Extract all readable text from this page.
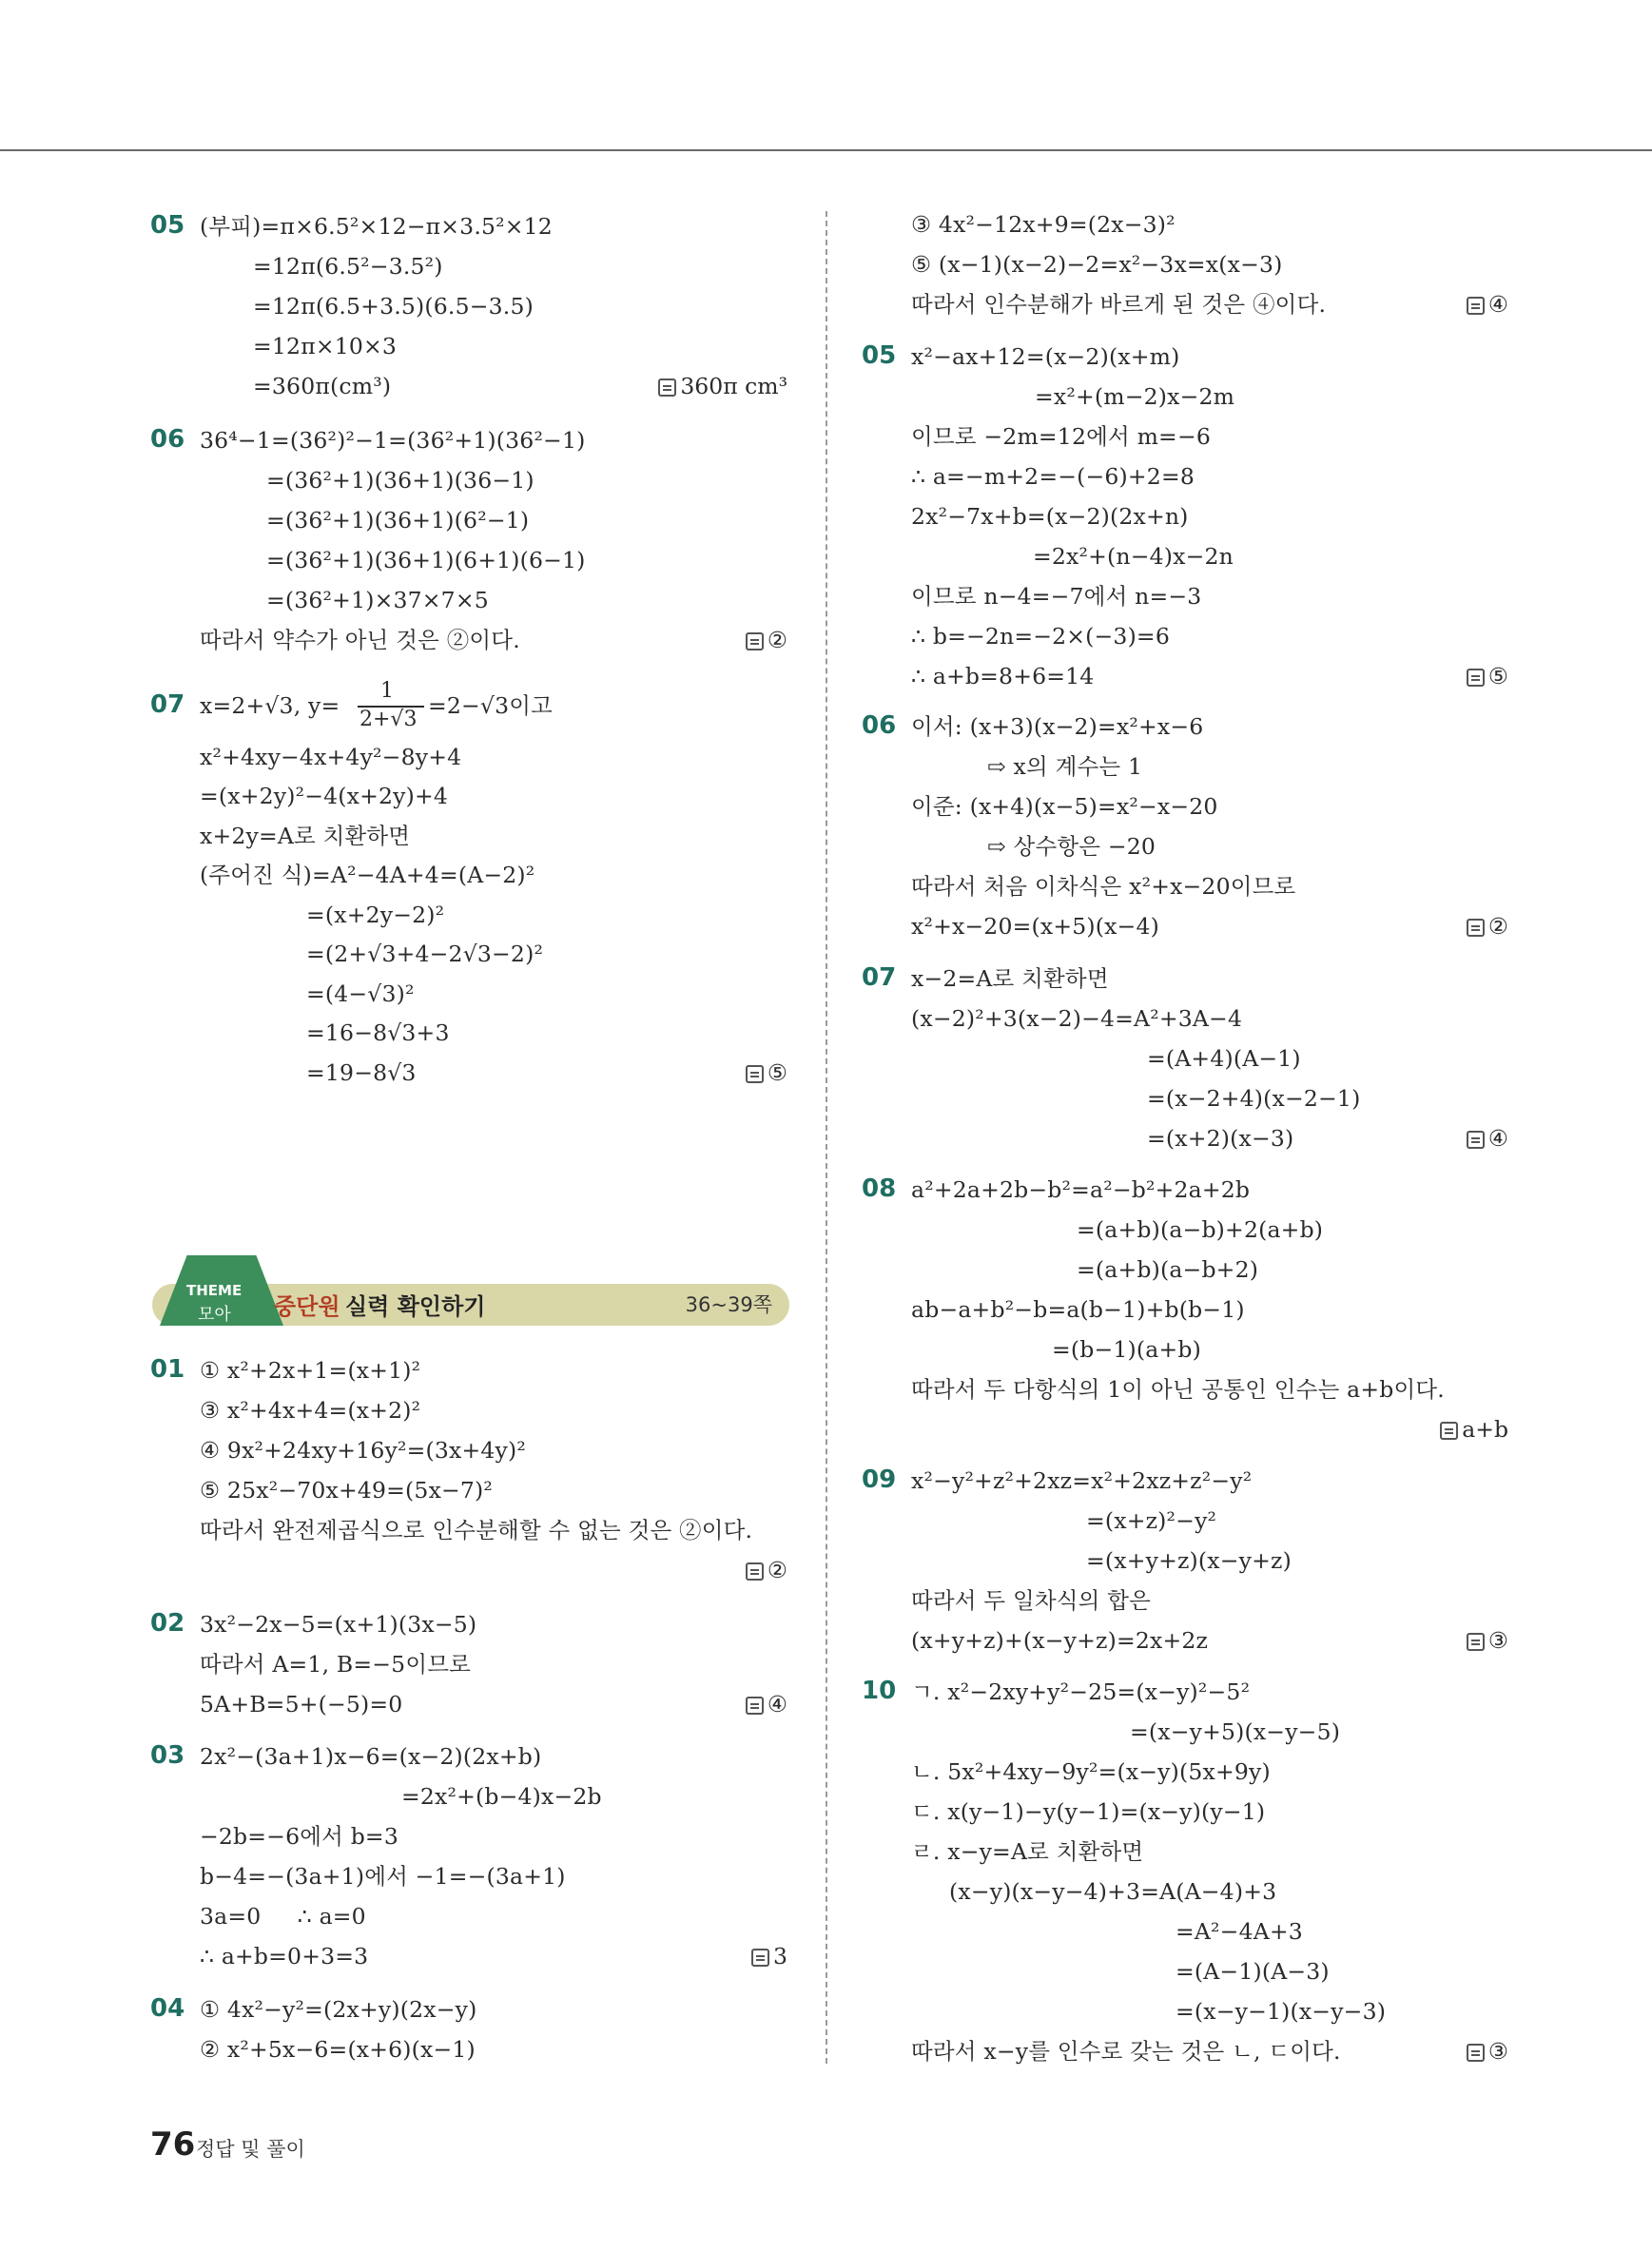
05 (부피)=π×6.5²×12−π×3.5²×12
=12π(6.5²−3.5²)
=12π(6.5+3.5)(6.5−3.5)
=12π×10×3
=360π(cm³)	360π cm³
06 36⁴−1=(36²)²−1=(36²+1)(36²−1)
=(36²+1)(36+1)(36−1)
=(36²+1)(36+1)(6²−1)
=(36²+1)(36+1)(6+1)(6−1)
=(36²+1)×37×7×5
따라서 약수가 아닌 것은 ②이다.	②
07 x=2+√3, y=
1
2+√3
=2−√3이고
x²+4xy−4x+4y²−8y+4
=(x+2y)²−4(x+2y)+4
x+2y=A로 치환하면
(주어진 식)=A²−4A+4=(A−2)²
=(x+2y−2)²
=(2+√3+4−2√3−2)²
=(4−√3)²
=16−8√3+3
=19−8√3	⑤
01 ① x²+2x+1=(x+1)²
③ x²+4x+4=(x+2)²
④ 9x²+24xy+16y²=(3x+4y)²
⑤ 25x²−70x+49=(5x−7)²
따라서 완전제곱식으로 인수분해할 수 없는 것은 ②이다.
②
02 3x²−2x−5=(x+1)(3x−5)
따라서 A=1, B=−5이므로
5A+B=5+(−5)=0	④
03 2x²−(3a+1)x−6=(x−2)(2x+b)
=2x²+(b−4)x−2b
−2b=−6에서 b=3
b−4=−(3a+1)에서 −1=−(3a+1)
3a=0     ∴ a=0
∴ a+b=0+3=3	3
04 ① 4x²−y²=(2x+y)(2x−y)
② x²+5x−6=(x+6)(x−1)
THEME
모아 중단원 실력 확인하기	36~39쪽
③ 4x²−12x+9=(2x−3)²
⑤ (x−1)(x−2)−2=x²−3x=x(x−3)
따라서 인수분해가 바르게 된 것은 ④이다.	④
05 x²−ax+12=(x−2)(x+m)
=x²+(m−2)x−2m
이므로 −2m=12에서 m=−6
∴ a=−m+2=−(−6)+2=8
2x²−7x+b=(x−2)(2x+n)
=2x²+(n−4)x−2n
이므로 n−4=−7에서 n=−3
∴ b=−2n=−2×(−3)=6
∴ a+b=8+6=14	⑤
06 이서: (x+3)(x−2)=x²+x−6
⇨ x의 계수는 1
이준: (x+4)(x−5)=x²−x−20
⇨ 상수항은 −20
따라서 처음 이차식은 x²+x−20이므로
x²+x−20=(x+5)(x−4)	②
07 x−2=A로 치환하면
(x−2)²+3(x−2)−4=A²+3A−4
=(A+4)(A−1)
=(x−2+4)(x−2−1)
=(x+2)(x−3)	④
08 a²+2a+2b−b²=a²−b²+2a+2b
=(a+b)(a−b)+2(a+b)
=(a+b)(a−b+2)
ab−a+b²−b=a(b−1)+b(b−1)
=(b−1)(a+b)
따라서 두 다항식의 1이 아닌 공통인 인수는 a+b이다.
a+b
09 x²−y²+z²+2xz=x²+2xz+z²−y²
=(x+z)²−y²
=(x+y+z)(x−y+z)
따라서 두 일차식의 합은
(x+y+z)+(x−y+z)=2x+2z	③
10 ㄱ. x²−2xy+y²−25=(x−y)²−5²
=(x−y+5)(x−y−5)
ㄴ. 5x²+4xy−9y²=(x−y)(5x+9y)
ㄷ. x(y−1)−y(y−1)=(x−y)(y−1)
ㄹ. x−y=A로 치환하면
(x−y)(x−y−4)+3=A(A−4)+3
=A²−4A+3
=(A−1)(A−3)
=(x−y−1)(x−y−3)
따라서 x−y를 인수로 갖는 것은 ㄴ, ㄷ이다.	③
76 정답 및 풀이
